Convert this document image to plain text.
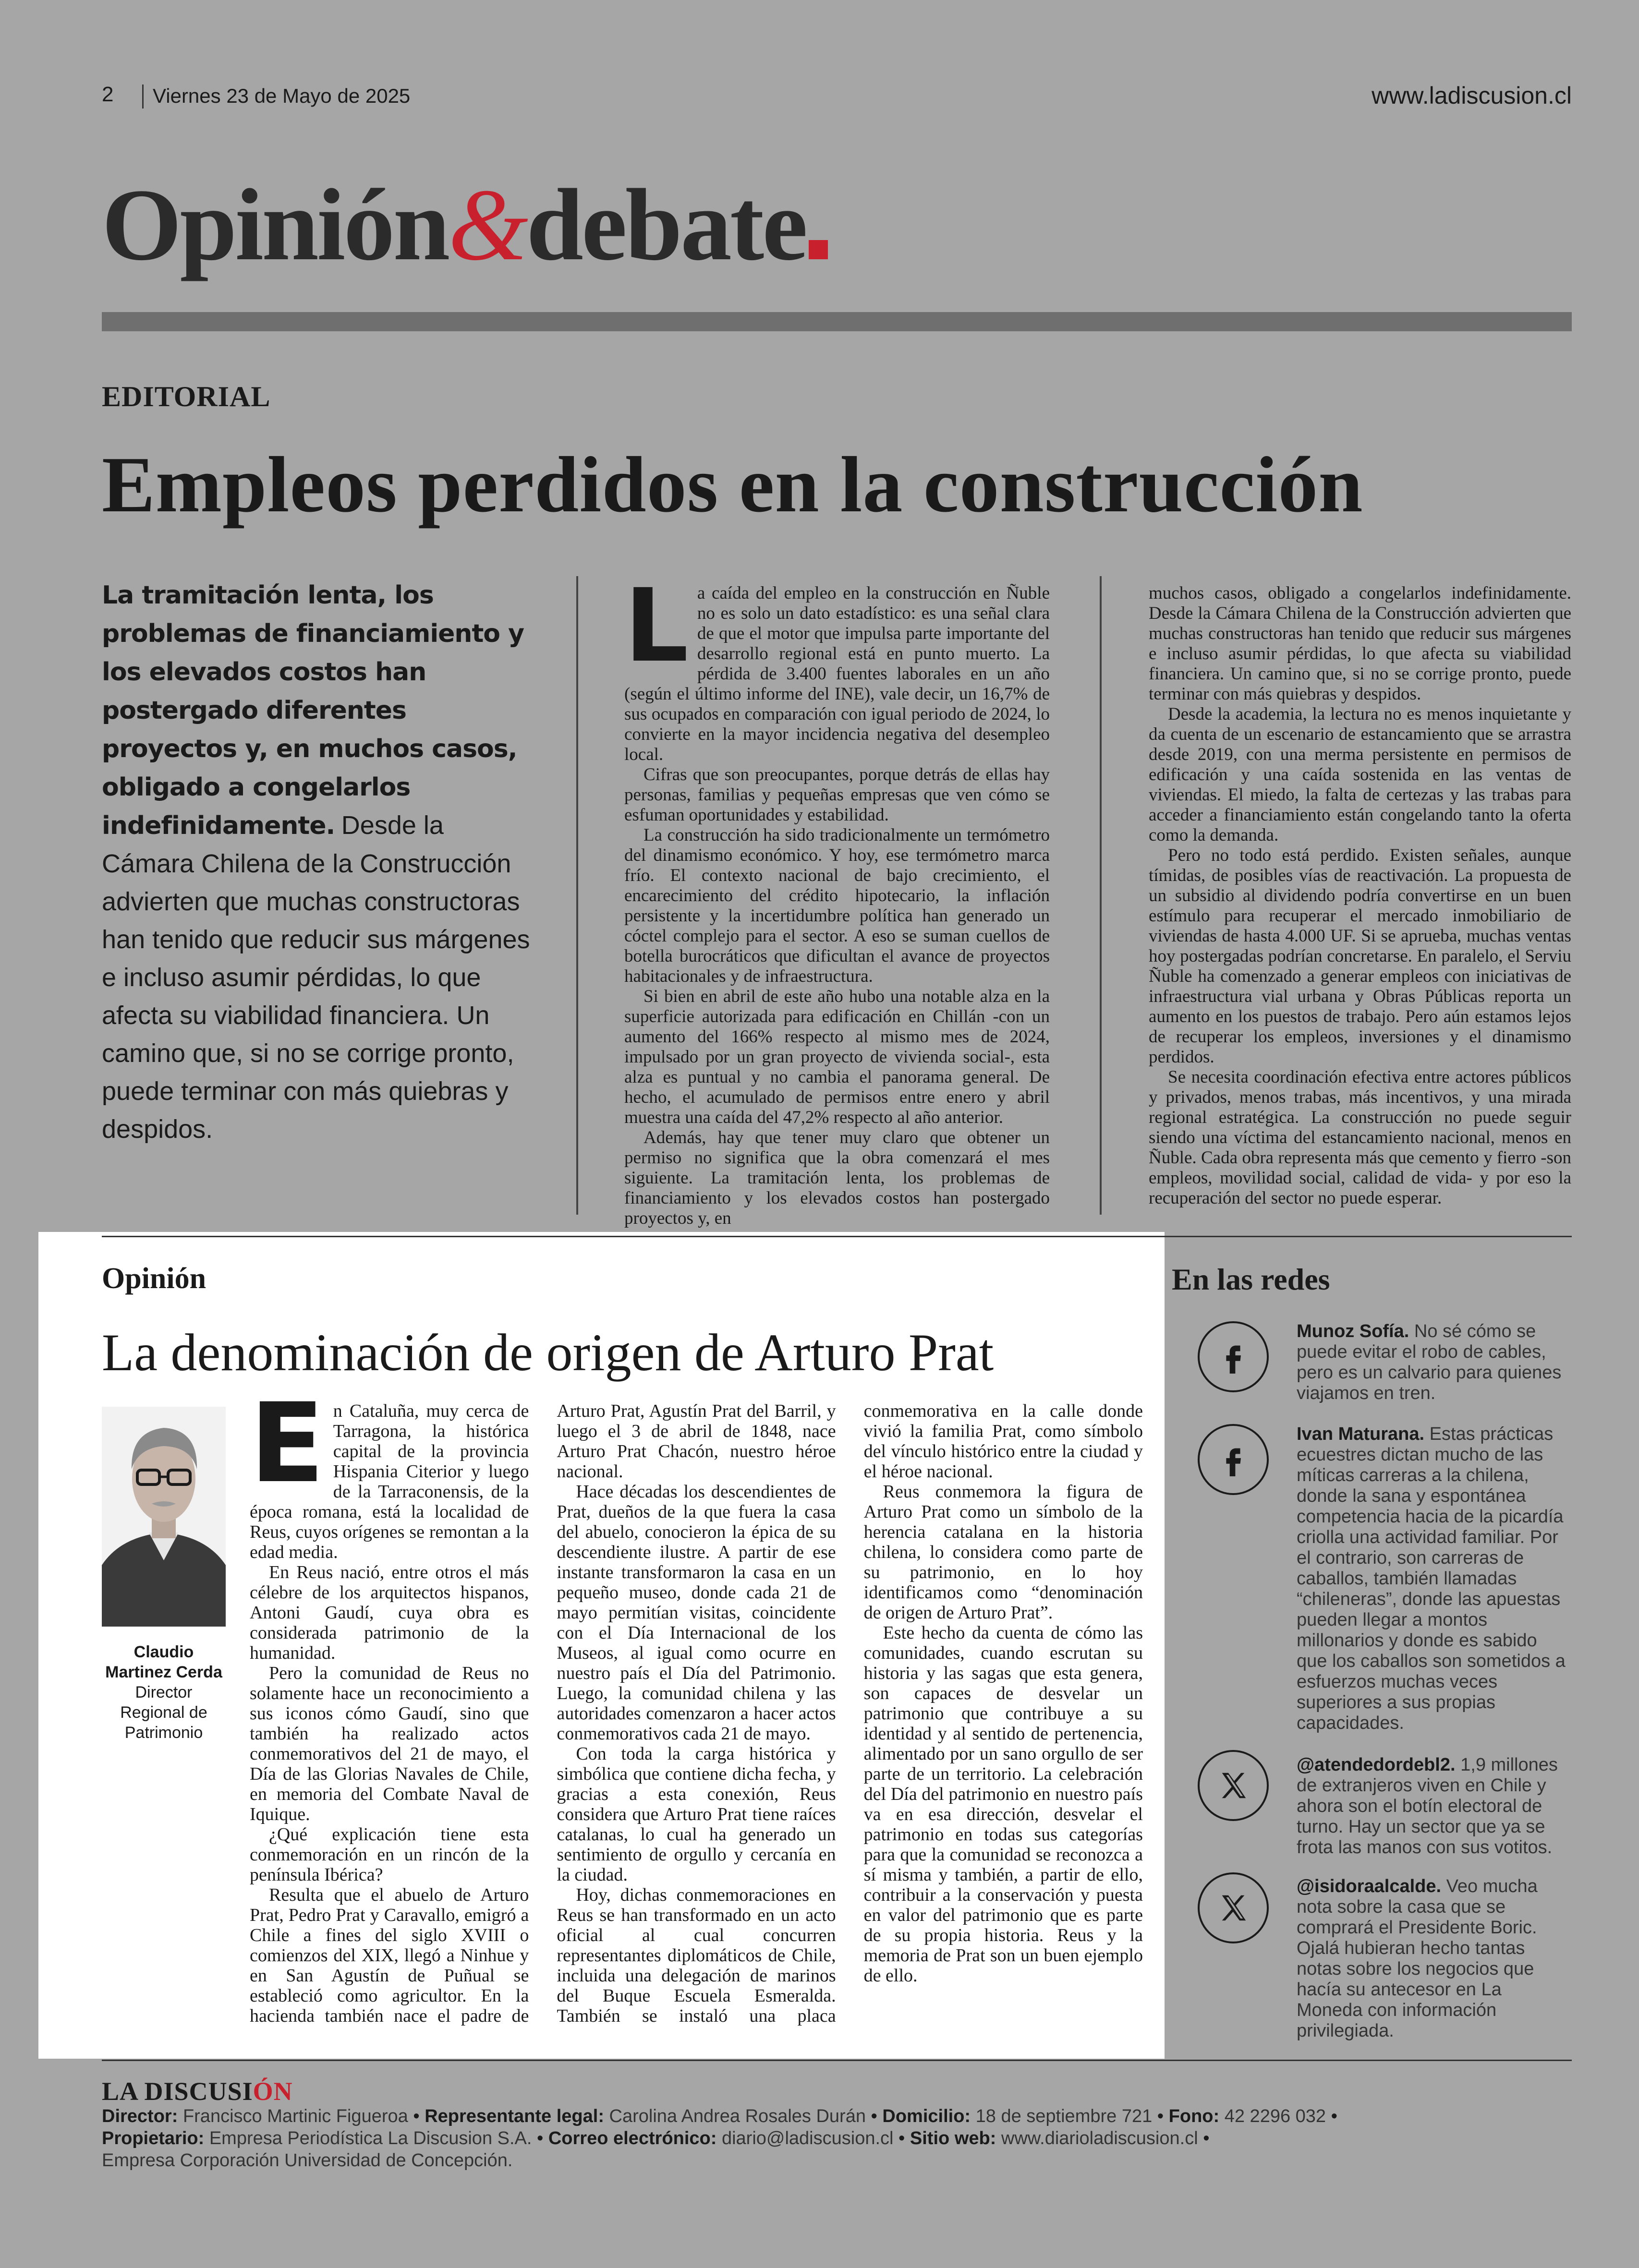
2 Viernes 23 de Mayo de 2025	www.ladiscusion.cl
Opinión&debate
EDITORIAL
Empleos perdidos en la construcción
La tramitación lenta, los problemas de financiamiento y los elevados costos han postergado diferentes proyectos y, en muchos casos, obligado a congelarlos indefinidamente. Desde la Cámara Chilena de la Construcción advierten que muchas constructoras han tenido que reducir sus márgenes e incluso asumir pérdidas, lo que afecta su viabilidad financiera. Un camino que, si no se corrige pronto, puede terminar con más quiebras y despidos.
L a caída del empleo en la construcción en Ñuble no es solo un dato estadístico: es una señal clara de que el motor que impulsa parte importante del desarrollo regional está en punto muerto. La pérdida de 3.400 fuentes laborales en un año (según el último informe del INE), vale decir, un 16,7% de sus ocupados en comparación con igual periodo de 2024, lo convierte en la mayor incidencia negativa del desempleo local.

Cifras que son preocupantes, porque detrás de ellas hay personas, familias y pequeñas empresas que ven cómo se esfuman oportunidades y estabilidad.

La construcción ha sido tradicionalmente un termómetro del dinamismo económico. Y hoy, ese termómetro marca frío. El contexto nacional de bajo crecimiento, el encarecimiento del crédito hipotecario, la inflación persistente y la incertidumbre política han generado un cóctel complejo para el sector. A eso se suman cuellos de botella burocráticos que dificultan el avance de proyectos habitacionales y de infraestructura.

Si bien en abril de este año hubo una notable alza en la superficie autorizada para edificación en Chillán -con un aumento del 166% respecto al mismo mes de 2024, impulsado por un gran proyecto de vivienda social-, esta alza es puntual y no cambia el panorama general. De hecho, el acumulado de permisos entre enero y abril muestra una caída del 47,2% respecto al año anterior.

Además, hay que tener muy claro que obtener un permiso no significa que la obra comenzará el mes siguiente. La tramitación lenta, los problemas de financiamiento y los elevados costos han postergado proyectos y, en

muchos casos, obligado a congelarlos indefinidamente. Desde la Cámara Chilena de la Construcción advierten que muchas constructoras han tenido que reducir sus márgenes e incluso asumir pérdidas, lo que afecta su viabilidad financiera. Un camino que, si no se corrige pronto, puede terminar con más quiebras y despidos.

Desde la academia, la lectura no es menos inquietante y da cuenta de un escenario de estancamiento que se arrastra desde 2019, con una merma persistente en permisos de edificación y una caída sostenida en las ventas de viviendas. El miedo, la falta de certezas y las trabas para acceder a financiamiento están congelando tanto la oferta como la demanda.

Pero no todo está perdido. Existen señales, aunque tímidas, de posibles vías de reactivación. La propuesta de un subsidio al dividendo podría convertirse en un buen estímulo para recuperar el mercado inmobiliario de viviendas de hasta 4.000 UF. Si se aprueba, muchas ventas hoy postergadas podrían concretarse. En paralelo, el Serviu Ñuble ha comenzado a generar empleos con iniciativas de infraestructura vial urbana y Obras Públicas reporta un aumento en los puestos de trabajo. Pero aún estamos lejos de recuperar los empleos, inversiones y el dinamismo perdidos.

Se necesita coordinación efectiva entre actores públicos y privados, menos trabas, más incentivos, y una mirada regional estratégica. La construcción no puede seguir siendo una víctima del estancamiento nacional, menos en Ñuble. Cada obra representa más que cemento y fierro -son empleos, movilidad social, calidad de vida- y por eso la recuperación del sector no puede esperar.

Opinión
La denominación de origen de Arturo Prat
Claudio Martinez Cerda
Director Regional de Patrimonio
E n Cataluña, muy cerca de Tarragona, la histórica capital de la provincia Hispania Citerior y luego de la Tarraconensis, de la época romana, está la localidad de Reus, cuyos orígenes se remontan a la edad media.

En Reus nació, entre otros el más célebre de los arquitectos hispanos, Antoni Gaudí, cuya obra es considerada patrimonio de la humanidad.

Pero la comunidad de Reus no solamente hace un reconocimiento a sus iconos cómo Gaudí, sino que también ha realizado actos conmemorativos del 21 de mayo, el Día de las Glorias Navales de Chile, en memoria del Combate Naval de Iquique.

¿Qué explicación tiene esta conmemoración en un rincón de la península Ibérica?

Resulta que el abuelo de Arturo Prat, Pedro Prat y Caravallo, emigró a Chile a fines del siglo XVIII o comienzos del XIX, llegó a Ninhue y en San Agustín de Puñual se estableció como agricultor. En la hacienda también nace el padre de Arturo Prat, Agustín Prat del Barril, y luego el 3 de abril de 1848, nace Arturo Prat Chacón, nuestro héroe nacional.

Hace décadas los descendientes de Prat, dueños de la que fuera la casa del abuelo, conocieron la épica de su descendiente ilustre. A partir de ese instante transformaron la casa en un pequeño museo, donde cada 21 de mayo permitían visitas, coincidente con el Día Internacional de los Museos, al igual como ocurre en nuestro país el Día del Patrimonio. Luego, la comunidad chilena y las autoridades comenzaron a hacer actos conmemorativos cada 21 de mayo.

Con toda la carga histórica y simbólica que contiene dicha fecha, y gracias a esta conexión, Reus considera que Arturo Prat tiene raíces catalanas, lo cual ha generado un sentimiento de orgullo y cercanía en la ciudad.

Hoy, dichas conmemoraciones en Reus se han transformado en un acto oficial al cual concurren representantes diplomáticos de Chile, incluida una delegación de marinos del Buque Escuela Esmeralda. También se instaló una placa conmemorativa en la calle donde vivió la familia Prat, como símbolo del vínculo histórico entre la ciudad y el héroe nacional.

Reus conmemora la figura de Arturo Prat como un símbolo de la herencia catalana en la historia chilena, lo considera como parte de su patrimonio, en lo hoy identificamos como “denominación de origen de Arturo Prat”.

Este hecho da cuenta de cómo las comunidades, cuando escrutan su historia y las sagas que esta genera, son capaces de desvelar un patrimonio que contribuye a su identidad y al sentido de pertenencia, alimentado por un sano orgullo de ser parte de un territorio. La celebración del Día del patrimonio en nuestro país va en esa dirección, desvelar el patrimonio en todas sus categorías para que la comunidad se reconozca a sí misma y también, a partir de ello, contribuir a la conservación y puesta en valor del patrimonio que es parte de su propia historia. Reus y la memoria de Prat son un buen ejemplo de ello.

En las redes
Munoz Sofía. No sé cómo se puede evitar el robo de cables, pero es un calvario para quienes viajamos en tren.
Ivan Maturana. Estas prácticas ecuestres dictan mucho de las míticas carreras a la chilena, donde la sana y espontánea competencia hacia de la picardía criolla una actividad familiar. Por el contrario, son carreras de caballos, también llamadas “chileneras”, donde las apuestas pueden llegar a montos millonarios y donde es sabido que los caballos son sometidos a esfuerzos muchas veces superiores a sus propias capacidades.
@atendedordebl2. 1,9 millones de extranjeros viven en Chile y ahora son el botín electoral de turno. Hay un sector que ya se frota las manos con sus votitos.
@isidoraalcalde. Veo mucha nota sobre la casa que se comprará el Presidente Boric. Ojalá hubieran hecho tantas notas sobre los negocios que hacía su antecesor en La Moneda con información privilegiada.
LA DISCUSIÓN
Director: Francisco Martinic Figueroa • Representante legal: Carolina Andrea Rosales Durán • Domicilio: 18 de septiembre 721 • Fono: 42 2296 032 •
Propietario: Empresa Periodística La Discusion S.A. • Correo electrónico: diario@ladiscusion.cl • Sitio web: www.diarioladiscusion.cl •
Empresa Corporación Universidad de Concepción.
